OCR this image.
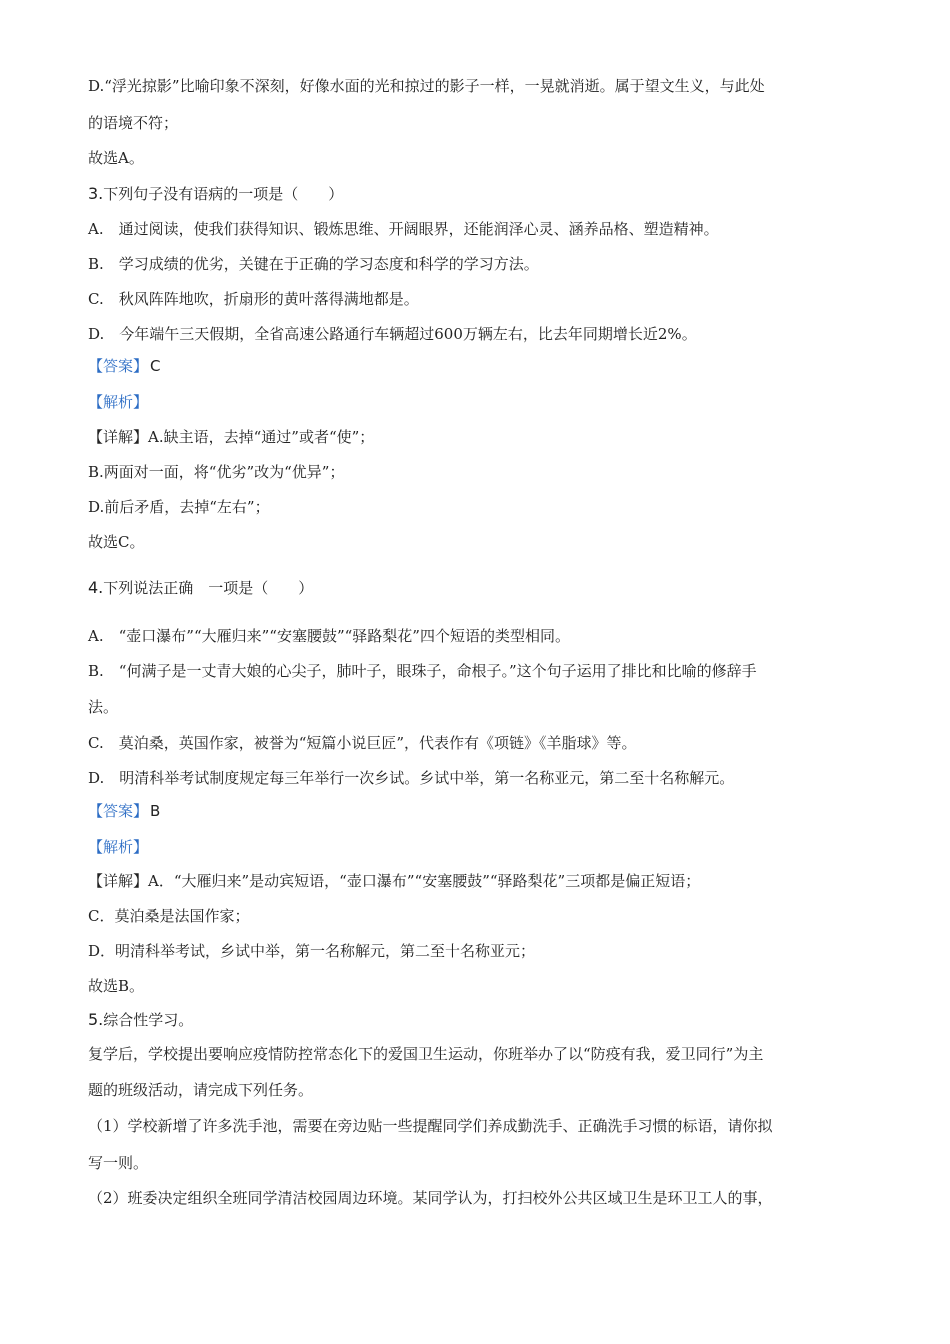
D.“浮光掠影”比喻印象不深刻，好像水面的光和掠过的影子一样，一晃就消逝。属于望文生义，与此处
的语境不符；
故选A。
3.下列句子没有语病的一项是（　　）
A.　通过阅读，使我们获得知识、锻炼思维、开阔眼界，还能润泽心灵、涵养品格、塑造精神。
B.　学习成绩的优劣，关键在于正确的学习态度和科学的学习方法。
C.　秋风阵阵地吹，折扇形的黄叶落得满地都是。
D.　今年端午三天假期，全省高速公路通行车辆超过600万辆左右，比去年同期增长近2%。
【答案】 C
【解析】
【详解】A.缺主语，去掉“通过”或者“使”；
B.两面对一面，将“优劣”改为“优异”；
D.前后矛盾，去掉“左右”；
故选C。
4.下列说法正确　一项是（　　）
A.　“壶口瀑布”“大雁归来”“安塞腰鼓”“驿路梨花”四个短语的类型相同。
B.　“何满子是一丈青大娘的心尖子，肺叶子，眼珠子，命根子。”这个句子运用了排比和比喻的修辞手
法。
C.　莫泊桑，英国作家，被誉为“短篇小说巨匠”，代表作有《项链》《羊脂球》等。
D.　明清科举考试制度规定每三年举行一次乡试。乡试中举，第一名称亚元，第二至十名称解元。
【答案】 B
【解析】
【详解】A．“大雁归来”是动宾短语，“壶口瀑布”“安塞腰鼓”“驿路梨花”三项都是偏正短语；
C．莫泊桑是法国作家；
D．明清科举考试，乡试中举，第一名称解元，第二至十名称亚元；
故选B。
5.综合性学习。
复学后，学校提出要响应疫情防控常态化下的爱国卫生运动，你班举办了以“防疫有我，爱卫同行”为主
题的班级活动，请完成下列任务。
（1）学校新增了许多洗手池，需要在旁边贴一些提醒同学们养成勤洗手、正确洗手习惯的标语，请你拟
写一则。
（2）班委决定组织全班同学清洁校园周边环境。某同学认为，打扫校外公共区域卫生是环卫工人的事，
